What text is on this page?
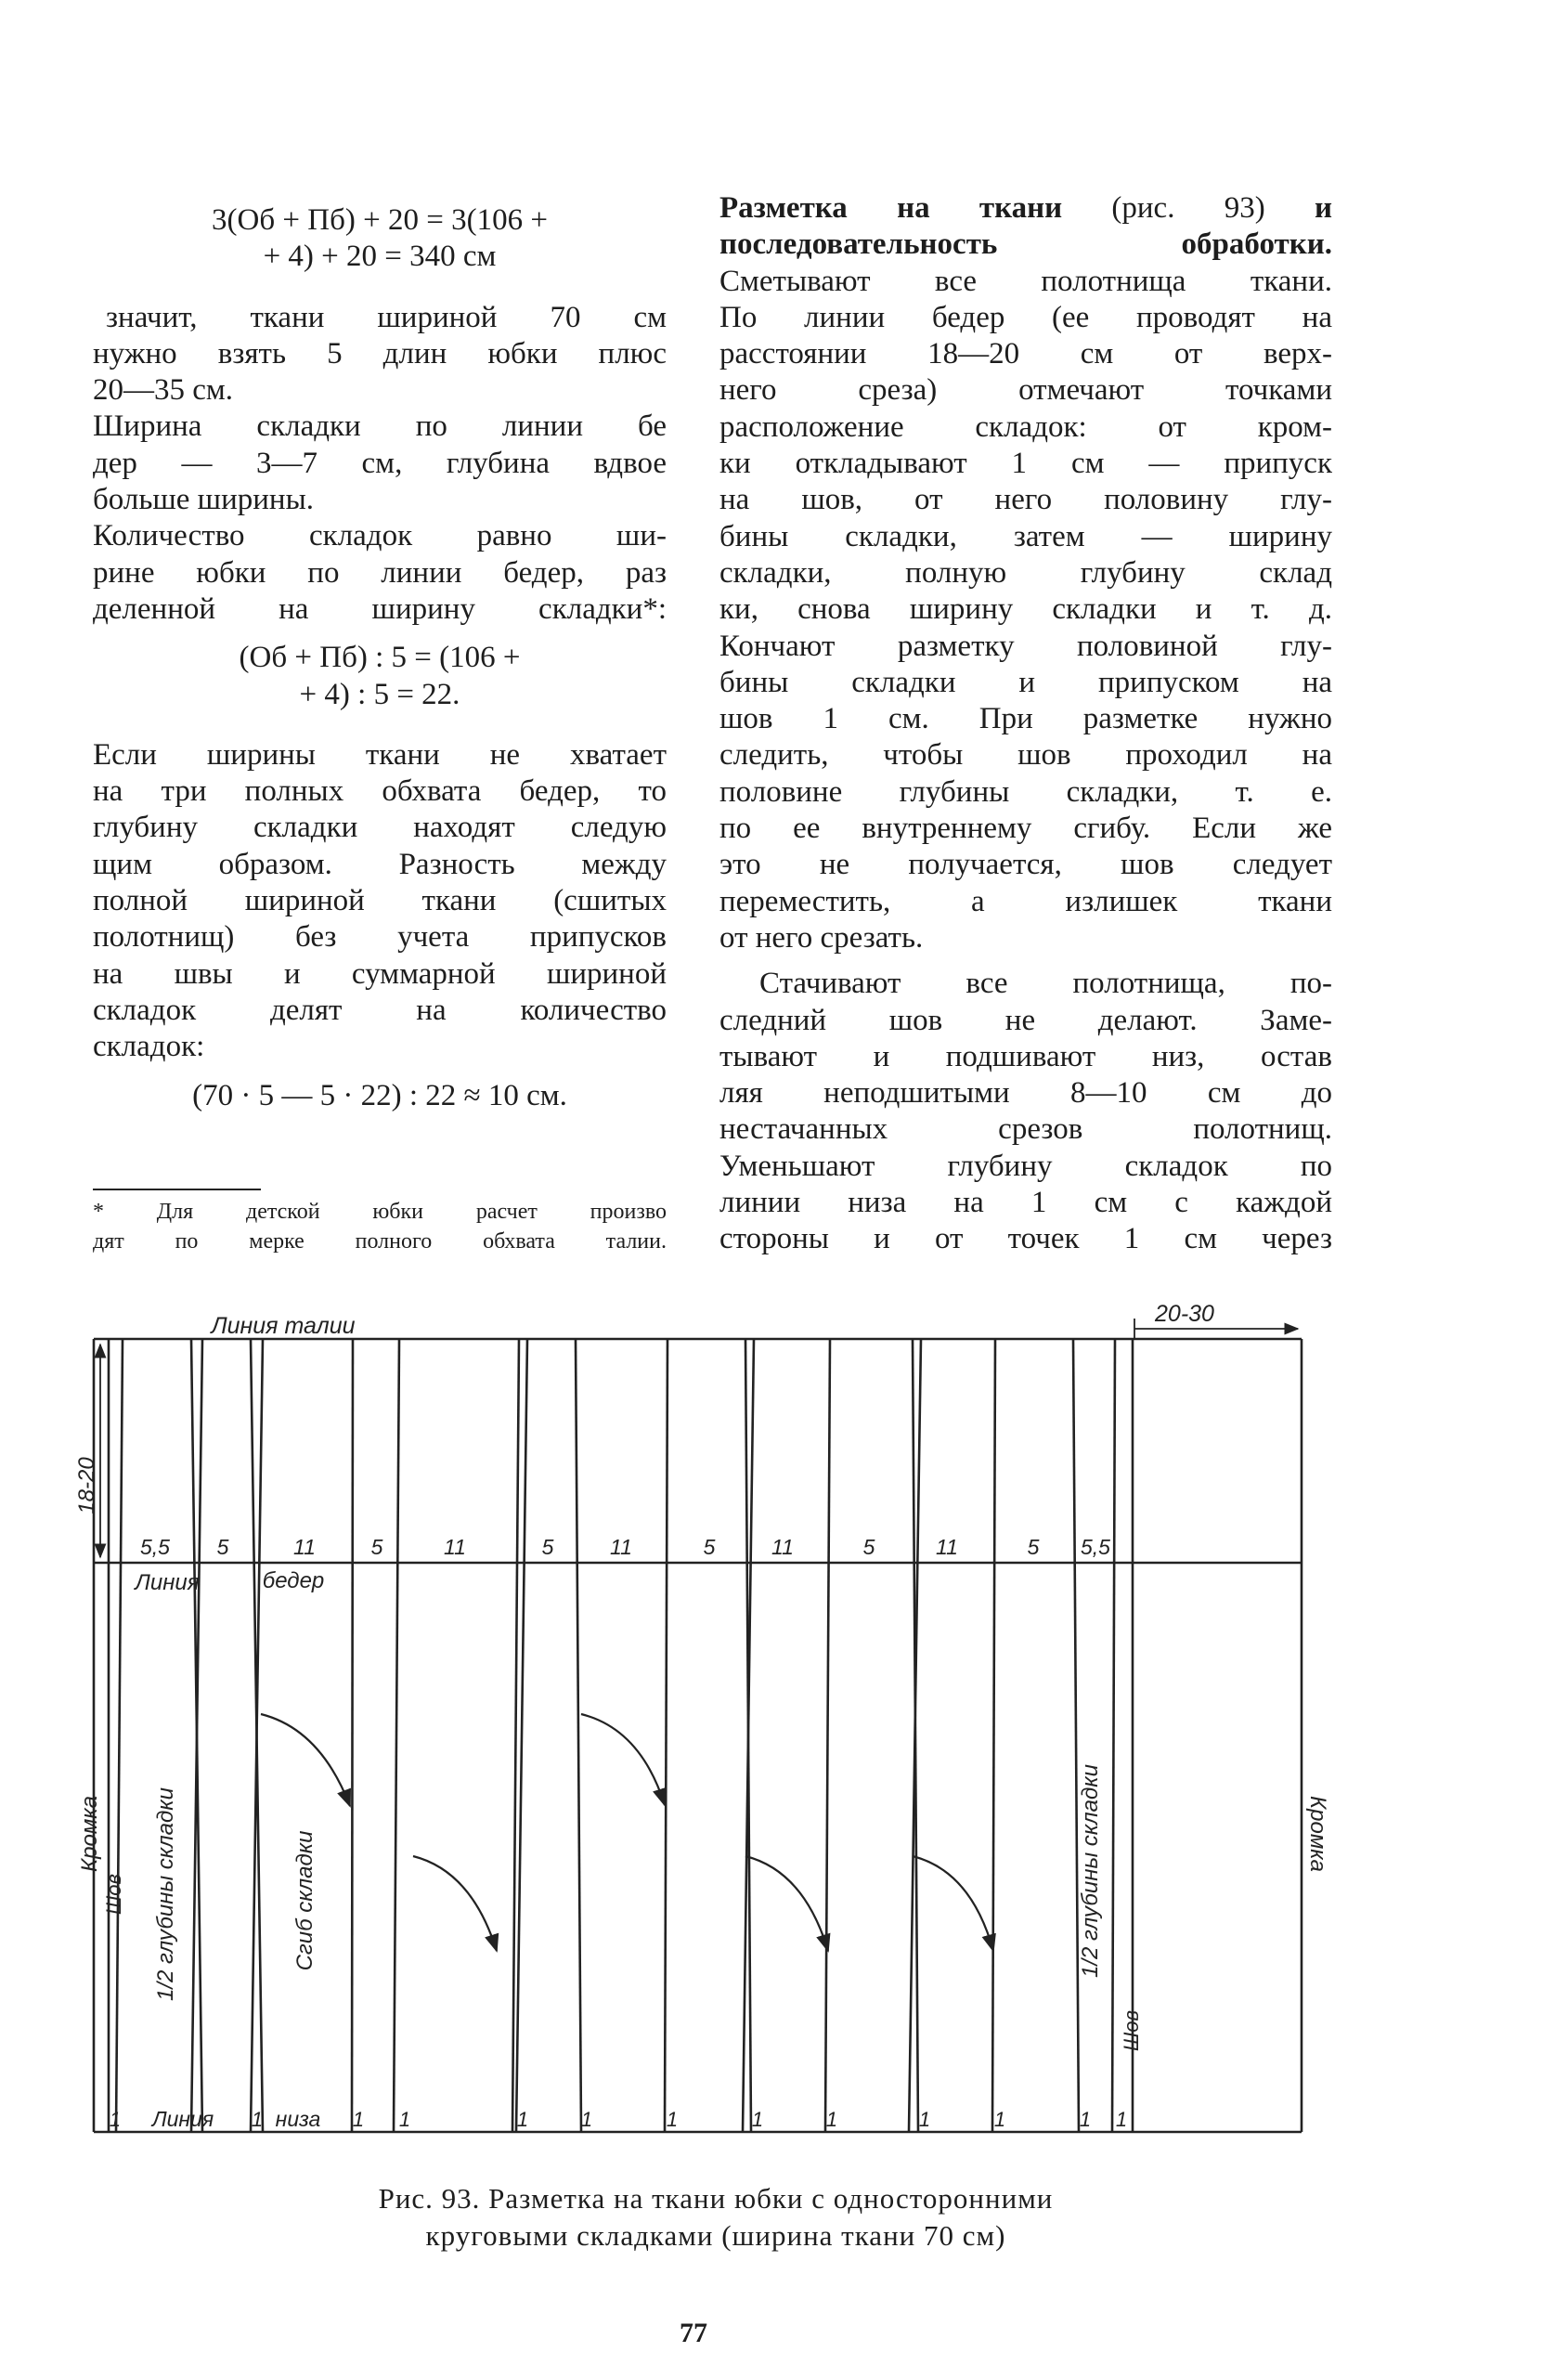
3(Об + Пб) + 20 = 3(106 +
+ 4) + 20 = 340 см
значит, ткани шириной 70 см
нужно взять 5 длин юбки плюс
20—35 см.
Ширина складки по линии бе
дер — 3—7 см, глубина вдвое
больше ширины.
Количество складок равно ши-
рине юбки по линии бедер, раз
деленной на ширину складки*:
(Об + Пб) : 5 = (106 +
+ 4) : 5 = 22.
Если ширины ткани не хватает
на три полных обхвата бедер, то
глубину складки находят следую
щим образом. Разность между
полной шириной ткани (сшитых
полотнищ) без учета припусков
на швы и суммарной шириной
складок делят на количество
складок:
(70 · 5 — 5 · 22) : 22 ≈ 10 см.
* Для детской юбки расчет произво
дят по мерке полного обхвата талии.
Разметка на ткани (рис. 93) и
последовательность обработки.
Сметывают все полотнища ткани.
По линии бедер (ее проводят на
расстоянии 18—20 см от верх-
него среза) отмечают точками
расположение складок: от кром-
ки откладывают 1 см — припуск
на шов, от него половину глу-
бины складки, затем — ширину
складки, полную глубину склад
ки, снова ширину складки и т. д.
Кончают разметку половиной глу-
бины складки и припуском на
шов 1 см. При разметке нужно
следить, чтобы шов проходил на
половине глубины складки, т. е.
по ее внутреннему сгибу. Если же
это не получается, шов следует
переместить, а излишек ткани
от него срезать.
Стачивают все полотнища, по-
следний шов не делают. Заме-
тывают и подшивают низ, остав
ляя неподшитыми 8—10 см до
нестачанных срезов полотнищ.
Уменьшают глубину складок по
линии низа на 1 см с каждой
стороны и от точек 1 см через
Линия талии	20-30
18-20
5,5 5	11	5	11	5	11	5	11	5	11	5 5,5
Линия	бедер
Линия	низа
1	1	1 1	1	1	1	1	1	1	1	1 1
Кромка
Шов 1/2 глубины складки	Сгиб складки	1/2 глубины складки
Шов
Кромка
Рис. 93. Разметка на ткани юбки с односторонними
круговыми складками (ширина ткани 70 см)
77
